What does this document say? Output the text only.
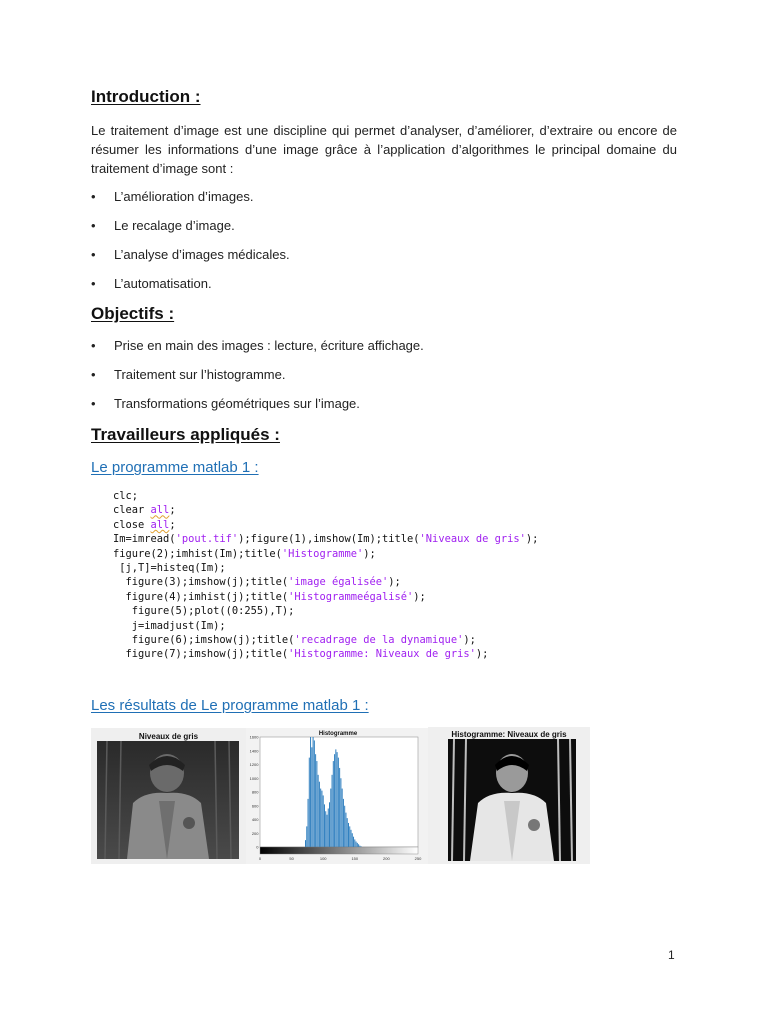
Introduction :
Le traitement d’image est une discipline qui permet d’analyser, d’améliorer, d’extraire ou encore de résumer les informations d’une image grâce à l’application d’algorithmes le principal domaine du traitement d’image sont :
• L’amélioration d’images.
• Le recalage d’image.
• L’analyse d’images médicales.
• L’automatisation.
Objectifs :
• Prise en main des images : lecture, écriture affichage.
• Traitement sur l’histogramme.
• Transformations géométriques sur l’image.
Travailleurs appliqués :
Le programme matlab 1 :
clc;
clear all;
close all;
Im=imread('pout.tif');figure(1),imshow(Im);title('Niveaux de gris');
figure(2);imhist(Im);title('Histogramme');
[j,T]=histeq(Im);
figure(3);imshow(j);title('image égalisée');
figure(4);imhist(j);title('Histogrammeégalisé');
figure(5);plot((0:255),T);
j=imadjust(Im);
figure(6);imshow(j);title('recadrage de la dynamique');
figure(7);imshow(j);title('Histogramme: Niveaux de gris');
Les résultats de Le programme matlab 1 :
Niveaux de gris	Histogramme
0
200
400
600
800
1000
1200
1400
1600
0	50	100	150	200	250
Histogramme: Niveaux de gris
1
